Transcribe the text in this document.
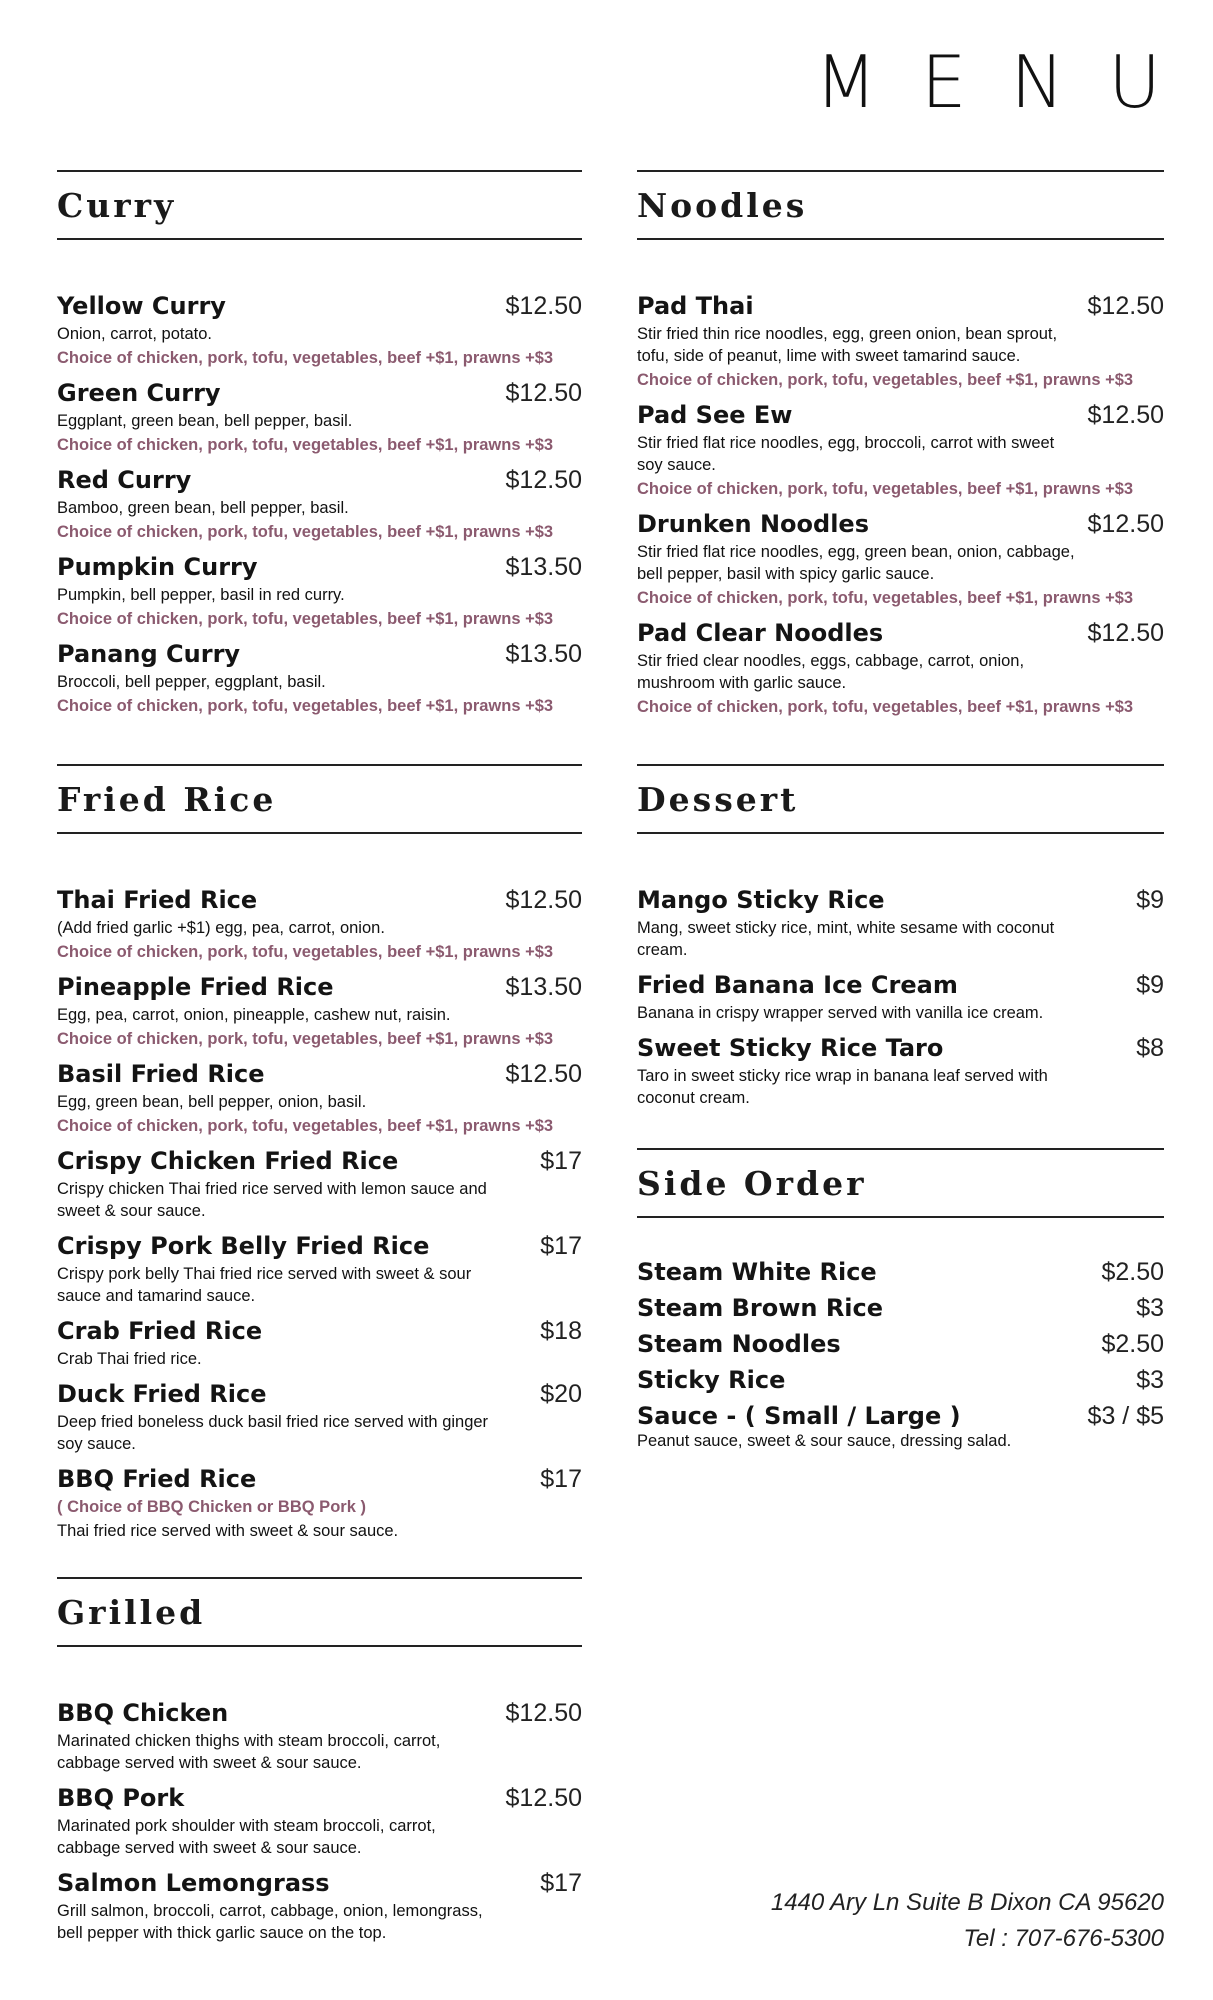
MENU
Curry
Yellow Curry	$12.50
Onion, carrot, potato.
Choice of chicken, pork, tofu, vegetables, beef +$1, prawns +$3
Green Curry	$12.50
Eggplant, green bean, bell pepper, basil.
Choice of chicken, pork, tofu, vegetables, beef +$1, prawns +$3
Red Curry	$12.50
Bamboo, green bean, bell pepper, basil.
Choice of chicken, pork, tofu, vegetables, beef +$1, prawns +$3
Pumpkin Curry	$13.50
Pumpkin, bell pepper, basil in red curry.
Choice of chicken, pork, tofu, vegetables, beef +$1, prawns +$3
Panang Curry	$13.50
Broccoli, bell pepper, eggplant, basil.
Choice of chicken, pork, tofu, vegetables, beef +$1, prawns +$3
Fried Rice
Thai Fried Rice	$12.50
(Add fried garlic +$1) egg, pea, carrot, onion.
Choice of chicken, pork, tofu, vegetables, beef +$1, prawns +$3
Pineapple Fried Rice	$13.50
Egg, pea, carrot, onion, pineapple, cashew nut, raisin.
Choice of chicken, pork, tofu, vegetables, beef +$1, prawns +$3
Basil Fried Rice	$12.50
Egg, green bean, bell pepper, onion, basil.
Choice of chicken, pork, tofu, vegetables, beef +$1, prawns +$3
Crispy Chicken Fried Rice	$17
Crispy chicken Thai fried rice served with lemon sauce and sweet & sour sauce.
Crispy Pork Belly Fried Rice	$17
Crispy pork belly Thai fried rice served with sweet & sour sauce and tamarind sauce.
Crab Fried Rice	$18
Crab Thai fried rice.
Duck Fried Rice	$20
Deep fried boneless duck basil fried rice served with ginger soy sauce.
BBQ Fried Rice	$17
( Choice of BBQ Chicken or BBQ Pork )
Thai fried rice served with sweet & sour sauce.
Grilled
BBQ Chicken	$12.50
Marinated chicken thighs with steam broccoli, carrot, cabbage served with sweet & sour sauce.
BBQ Pork	$12.50
Marinated pork shoulder with steam broccoli, carrot, cabbage served with sweet & sour sauce.
Salmon Lemongrass	$17
Grill salmon, broccoli, carrot, cabbage, onion, lemongrass, bell pepper with thick garlic sauce on the top.
Noodles
Pad Thai	$12.50
Stir fried thin rice noodles, egg, green onion, bean sprout, tofu, side of peanut, lime with sweet tamarind sauce.
Choice of chicken, pork, tofu, vegetables, beef +$1, prawns +$3
Pad See Ew	$12.50
Stir fried flat rice noodles, egg, broccoli, carrot with sweet soy sauce.
Choice of chicken, pork, tofu, vegetables, beef +$1, prawns +$3
Drunken Noodles	$12.50
Stir fried flat rice noodles, egg, green bean, onion, cabbage, bell pepper, basil with spicy garlic sauce.
Choice of chicken, pork, tofu, vegetables, beef +$1, prawns +$3
Pad Clear Noodles	$12.50
Stir fried clear noodles, eggs, cabbage, carrot, onion, mushroom with garlic sauce.
Choice of chicken, pork, tofu, vegetables, beef +$1, prawns +$3
Dessert
Mango Sticky Rice	$9
Mang, sweet sticky rice, mint, white sesame with coconut cream.
Fried Banana Ice Cream	$9
Banana in crispy wrapper served with vanilla ice cream.
Sweet Sticky Rice Taro	$8
Taro in sweet sticky rice wrap in banana leaf served with coconut cream.
Side Order
Steam White Rice	$2.50
Steam Brown Rice	$3
Steam Noodles	$2.50
Sticky Rice	$3
Sauce - ( Small / Large )	$3 / $5
Peanut sauce, sweet & sour sauce, dressing salad.
1440 Ary Ln Suite B Dixon CA 95620
Tel : 707-676-5300
